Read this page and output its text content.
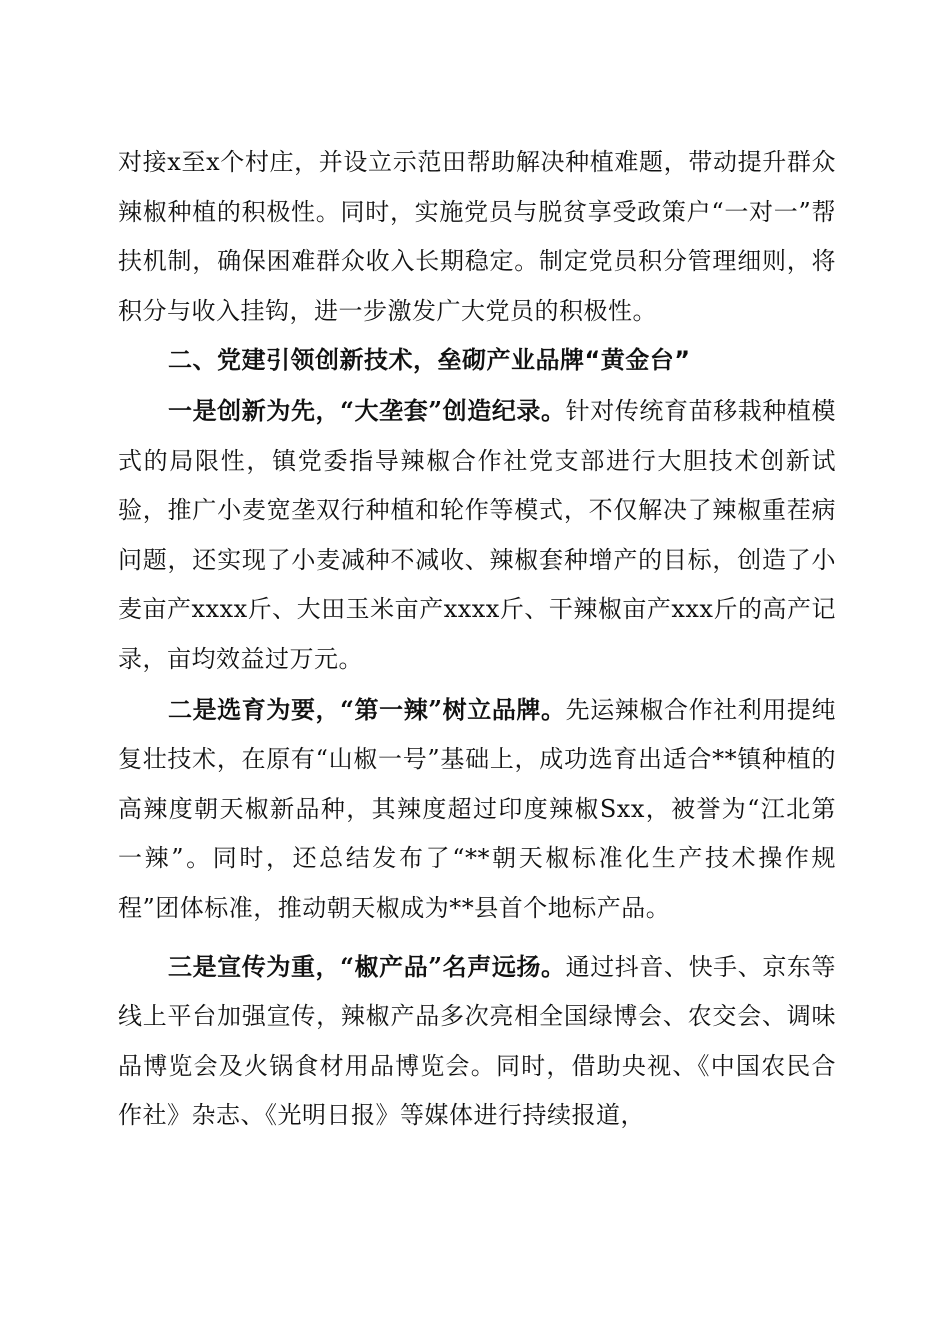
对接x至x个村庄，并设立示范田帮助解决种植难题，带动提升群众辣椒种植的积极性。同时，实施党员与脱贫享受政策户“一对一”帮扶机制，确保困难群众收入长期稳定。制定党员积分管理细则，将积分与收入挂钩，进一步激发广大党员的积极性。

二、党建引领创新技术，垒砌产业品牌“黄金台”

一是创新为先，“大垄套”创造纪录。针对传统育苗移栽种植模式的局限性，镇党委指导辣椒合作社党支部进行大胆技术创新试验，推广小麦宽垄双行种植和轮作等模式，不仅解决了辣椒重茬病问题，还实现了小麦减种不减收、辣椒套种增产的目标，创造了小麦亩产xxxx斤、大田玉米亩产xxxx斤、干辣椒亩产xxx斤的高产记录，亩均效益过万元。

二是选育为要，“第一辣”树立品牌。先运辣椒合作社利用提纯复壮技术，在原有“山椒一号”基础上，成功选育出适合**镇种植的高辣度朝天椒新品种，其辣度超过印度辣椒Sxx，被誉为“江北第一辣”。同时，还总结发布了“**朝天椒标准化生产技术操作规程”团体标准，推动朝天椒成为**县首个地标产品。

三是宣传为重，“椒产品”名声远扬。通过抖音、快手、京东等线上平台加强宣传，辣椒产品多次亮相全国绿博会、农交会、调味品博览会及火锅食材用品博览会。同时，借助央视、《中国农民合作社》杂志、《光明日报》等媒体进行持续报道，
